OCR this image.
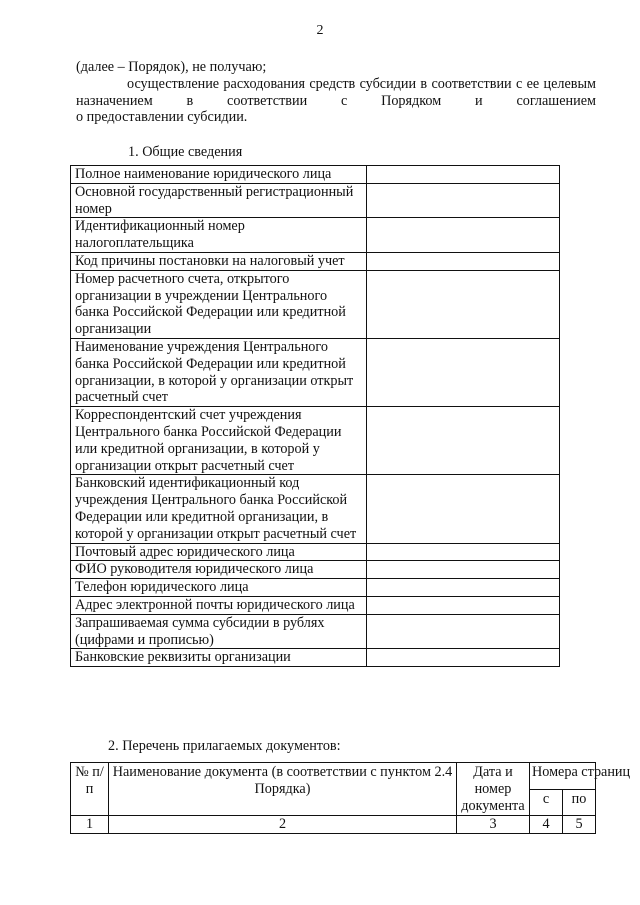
2

(далее – Порядок), не получаю;

осуществление расходования средств субсидии в соответствии с ее целевым назначением в соответствии с Порядком и соглашением

о предоставлении субсидии.

1. Общие сведения
Полное наименование юридического лица	
Основной государственный регистрационный номер	
Идентификационный номер налогоплательщика	
Код причины постановки на налоговый учет	
Номер расчетного счета, открытого организации в учреждении Центрального банка Российской Федерации или кредитной организации	
Наименование учреждения Центрального банка Российской Федерации или кредитной организации, в которой у организации открыт расчетный счет	
Корреспондентский счет учреждения Центрального банка Российской Федерации или кредитной организации, в которой у организации открыт расчетный счет	
Банковский идентификационный код учреждения Центрального банка Российской Федерации или кредитной организации, в которой у организации открыт расчетный счет	
Почтовый адрес юридического лица	
ФИО руководителя юридического лица	
Телефон юридического лица	
Адрес электронной почты юридического лица	
Запрашиваемая сумма субсидии в рублях (цифрами и прописью)	
Банковские реквизиты организации	
2. Перечень прилагаемых документов:
№ п/п	Наименование документа (в соответствии с пунктом 2.4 Порядка)	Дата и номер документа	Номера страниц	
			с	по
1	2	3	4	5
